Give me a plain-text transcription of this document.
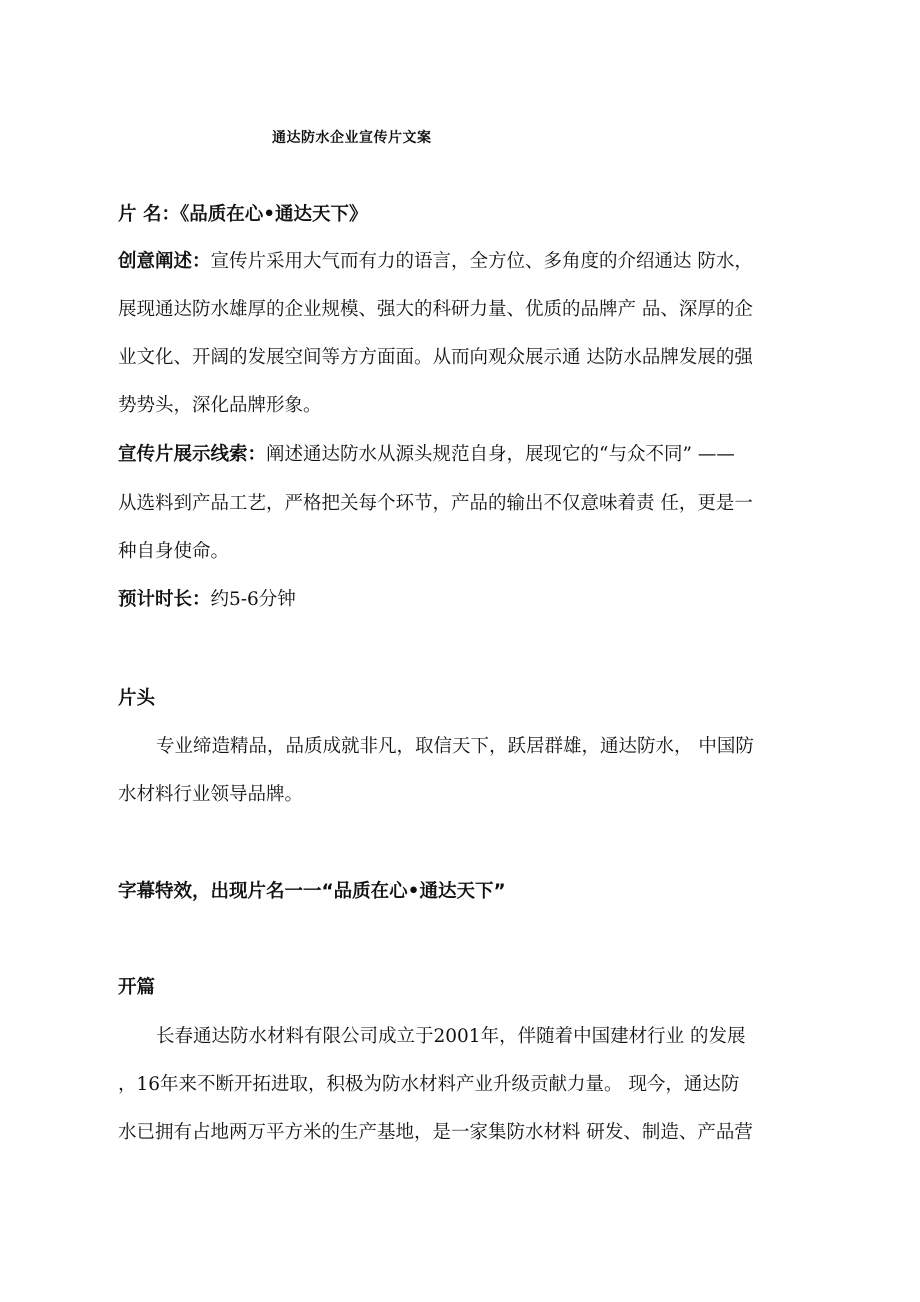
通达防水企业宣传片文案
片 名：《品质在心•通达天下》
创意阐述：宣传片采用大气而有力的语言，全方位、多角度的介绍通达 防水，
展现通达防水雄厚的企业规模、强大的科研力量、优质的品牌产 品、深厚的企
业文化、开阔的发展空间等方方面面。从而向观众展示通 达防水品牌发展的强
势势头，深化品牌形象。
宣传片展示线索：阐述通达防水从源头规范自身，展现它的“与众不同” ——
从选料到产品工艺，严格把关每个环节，产品的输出不仅意味着责 任，更是一
种自身使命。
预计时长：约5-6分钟
片头
专业缔造精品，品质成就非凡，取信天下，跃居群雄，通达防水， 中国防
水材料行业领导品牌。
字幕特效，出现片名一一“品质在心•通达天下”
开篇
长春通达防水材料有限公司成立于2001年，伴随着中国建材行业 的发展
，16年来不断开拓进取，积极为防水材料产业升级贡献力量。 现今，通达防
水已拥有占地两万平方米的生产基地，是一家集防水材料 研发、制造、产品营
